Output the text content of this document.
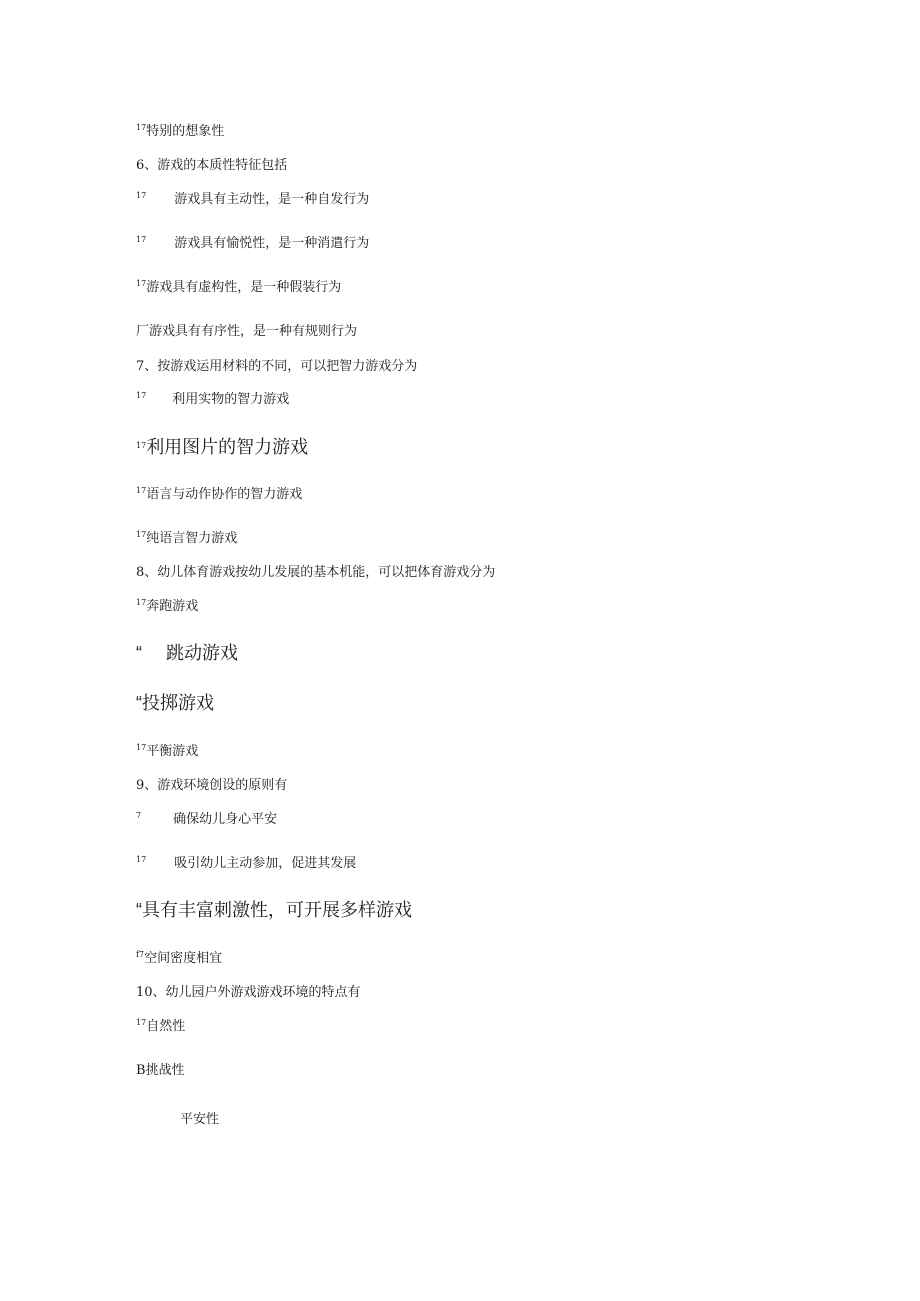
$^{17}$特别的想象性
6、游戏的本质性特征包括
$^{17}$ 游戏具有主动性，是一种自发行为
$^{17}$ 游戏具有愉悦性，是一种消遣行为
$^{17}$游戏具有虚构性，是一种假装行为
厂游戏具有有序性，是一种有规则行为
7、按游戏运用材料的不同，可以把智力游戏分为
$^{17}$ 利用实物的智力游戏
$^{17}$利用图片的智力游戏
$^{17}$语言与动作协作的智力游戏
$^{17}$纯语言智力游戏
8、幼儿体育游戏按幼儿发展的基本机能，可以把体育游戏分为
$^{17}$奔跑游戏
“ 跳动游戏
“投掷游戏
$^{17}$平衡游戏
9、游戏环境创设的原则有
$^7$ 确保幼儿身心平安
$^{17}$ 吸引幼儿主动参加，促进其发展
“具有丰富刺激性，可开展多样游戏
$^{f7}$空间密度相宜
10、幼儿园户外游戏游戏环境的特点有
$^{17}$自然性
B挑战性
平安性
